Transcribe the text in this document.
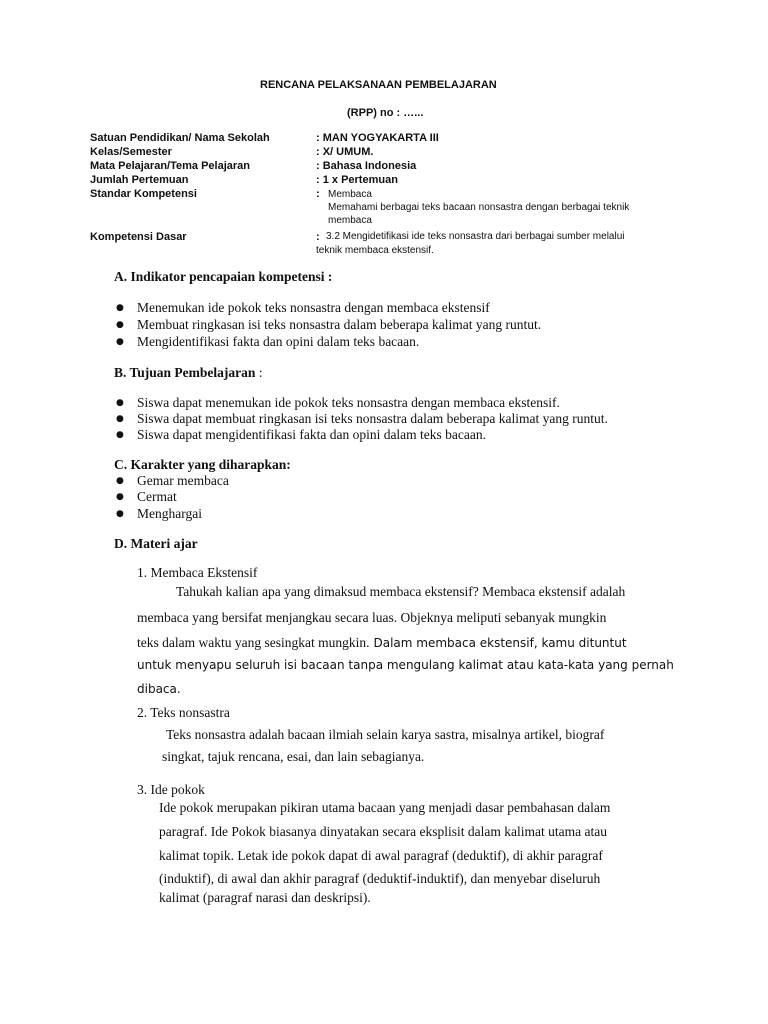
RENCANA PELAKSANAAN PEMBELAJARAN
(RPP) no : …...
Satuan Pendidikan/ Nama Sekolah	: MAN YOGYAKARTA III
Kelas/Semester	: X/ UMUM.
Mata Pelajaran/Tema Pelajaran	: Bahasa Indonesia
Jumlah Pertemuan	: 1 x Pertemuan
Standar Kompetensi	: Membaca
Memahami berbagai teks bacaan nonsastra dengan berbagai teknik
membaca
Kompetensi Dasar	: 3.2 Mengidetifikasi ide teks nonsastra dari berbagai sumber melalui
teknik membaca ekstensif.
A. Indikator pencapaian kompetensi :
● Menemukan ide pokok teks nonsastra dengan membaca ekstensif
● Membuat ringkasan isi teks nonsastra dalam beberapa kalimat yang runtut.
● Mengidentifikasi fakta dan opini dalam teks bacaan.
B. Tujuan Pembelajaran :
● Siswa dapat menemukan ide pokok teks nonsastra dengan membaca ekstensif.
● Siswa dapat membuat ringkasan isi teks nonsastra dalam beberapa kalimat yang runtut.
● Siswa dapat mengidentifikasi fakta dan opini dalam teks bacaan.
C. Karakter yang diharapkan:
● Gemar membaca
● Cermat
● Menghargai
D. Materi ajar
1. Membaca Ekstensif
Tahukah kalian apa yang dimaksud membaca ekstensif? Membaca ekstensif adalah
membaca yang bersifat menjangkau secara luas. Objeknya meliputi sebanyak mungkin
teks dalam waktu yang sesingkat mungkin. Dalam membaca ekstensif, kamu dituntut
untuk menyapu seluruh isi bacaan tanpa mengulang kalimat atau kata-kata yang pernah
dibaca.
2. Teks nonsastra
Teks nonsastra adalah bacaan ilmiah selain karya sastra, misalnya artikel, biograf
singkat, tajuk rencana, esai, dan lain sebagianya.
3. Ide pokok
Ide pokok merupakan pikiran utama bacaan yang menjadi dasar pembahasan dalam
paragraf. Ide Pokok biasanya dinyatakan secara eksplisit dalam kalimat utama atau
kalimat topik. Letak ide pokok dapat di awal paragraf (deduktif), di akhir paragraf
(induktif), di awal dan akhir paragraf (deduktif-induktif), dan menyebar diseluruh
kalimat (paragraf narasi dan deskripsi).
